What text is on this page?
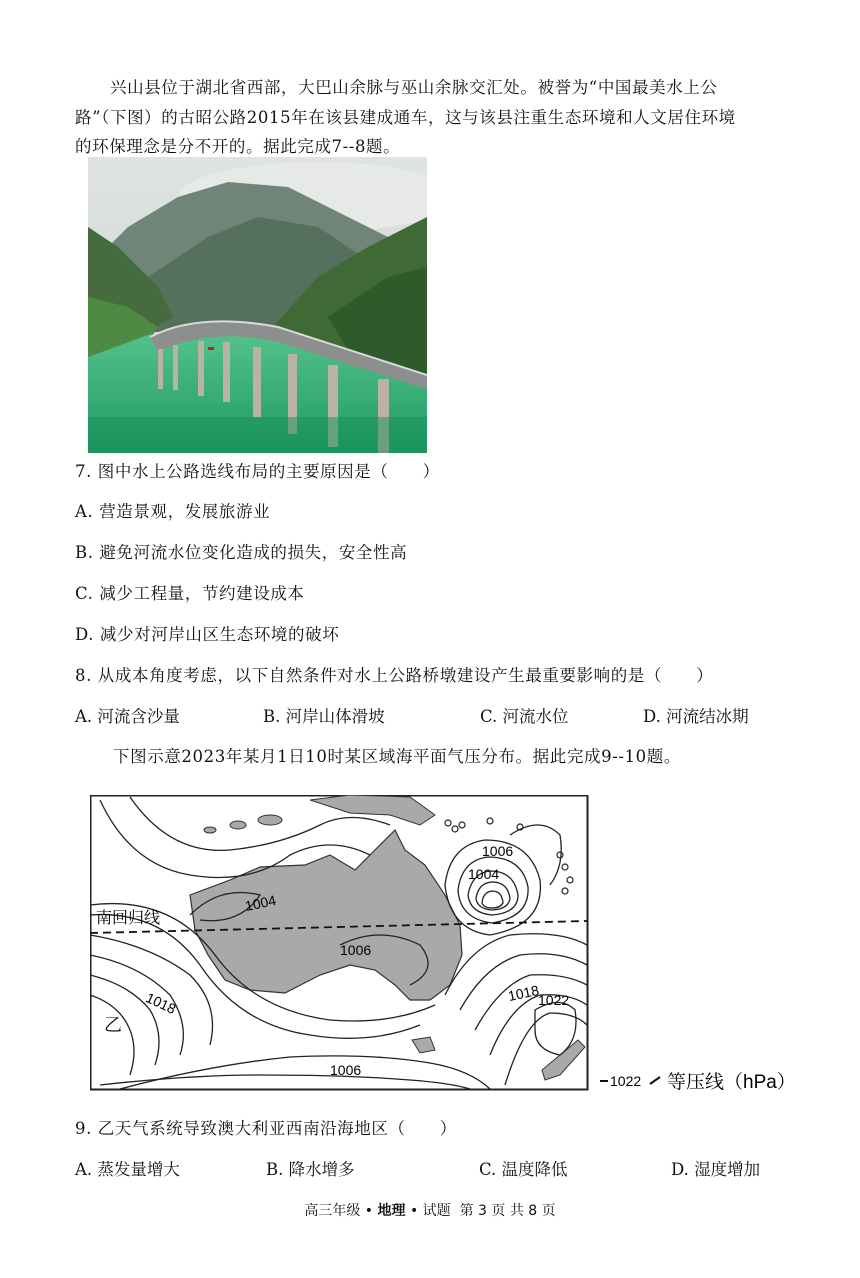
兴山县位于湖北省西部，大巴山余脉与巫山余脉交汇处。被誉为“中国最美水上公
路”（下图）的古昭公路2015年在该县建成通车，这与该县注重生态环境和人文居住环境
的环保理念是分不开的。据此完成7--8题。
7. 图中水上公路选线布局的主要原因是（　　）
A. 营造景观，发展旅游业
B. 避免河流水位变化造成的损失，安全性高
C. 减少工程量，节约建设成本
D. 减少对河岸山区生态环境的破坏
8. 从成本角度考虑，以下自然条件对水上公路桥墩建设产生最重要影响的是（　　）
A. 河流含沙量	B. 河岸山体滑坡	C. 河流水位	D. 河流结冰期
下图示意2023年某月1日10时某区域海平面气压分布。据此完成9--10题。
南回归线
乙
1004
1006
1006
1004
1018	1018
1022
1006
1022 等压线（hPa）
9. 乙天气系统导致澳大利亚西南沿海地区（　　）
A. 蒸发量增大	B. 降水增多	C. 温度降低	D. 湿度增加
高三年级 • 地理 • 试题 第 3 页 共 8 页
